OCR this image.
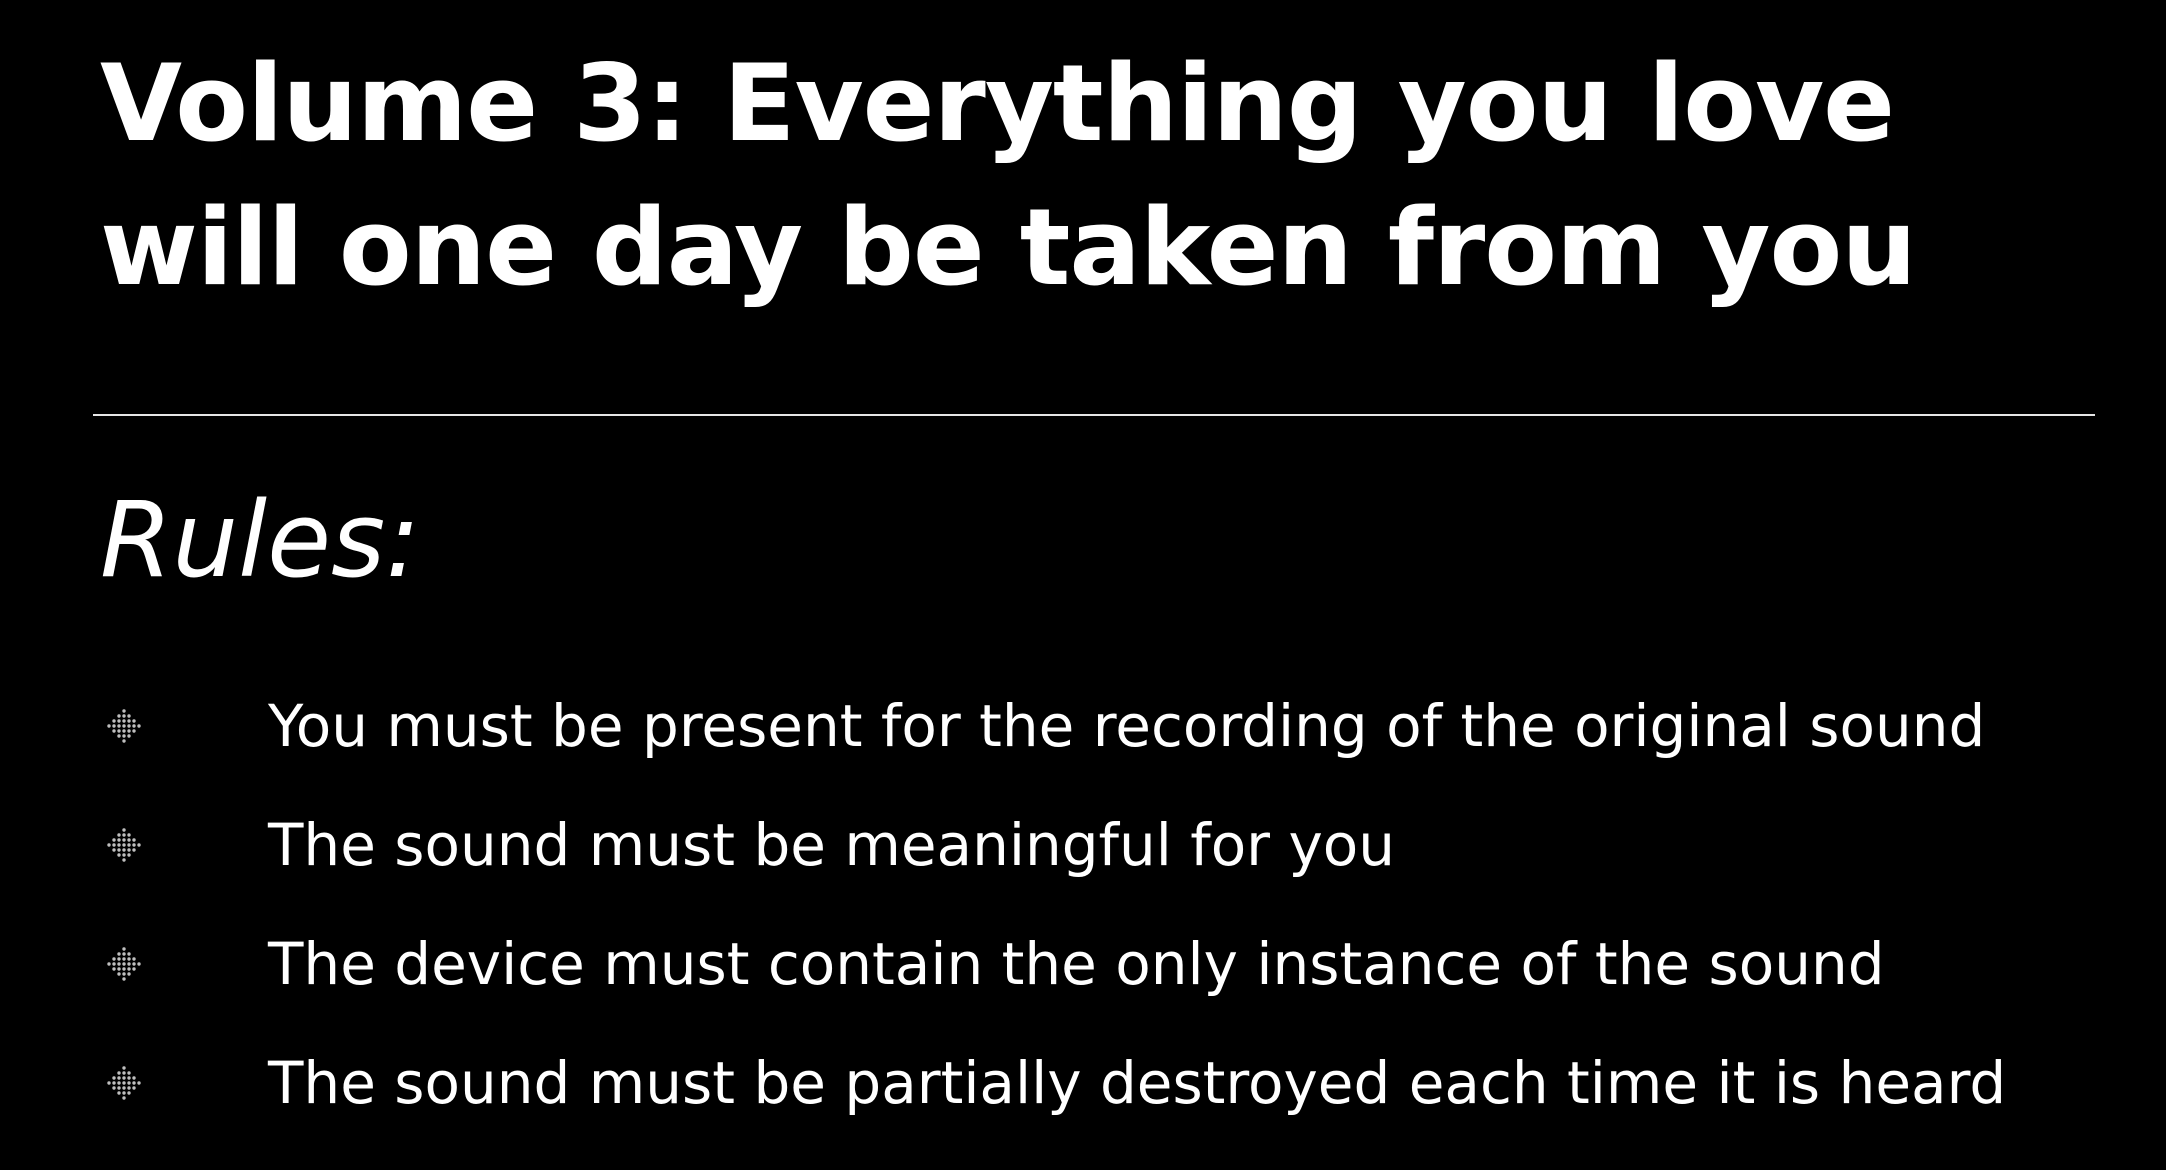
Volume 3: Everything you love
will one day be taken from you
Rules:
You must be present for the recording of the original sound
The sound must be meaningful for you
The device must contain the only instance of the sound
The sound must be partially destroyed each time it is heard
